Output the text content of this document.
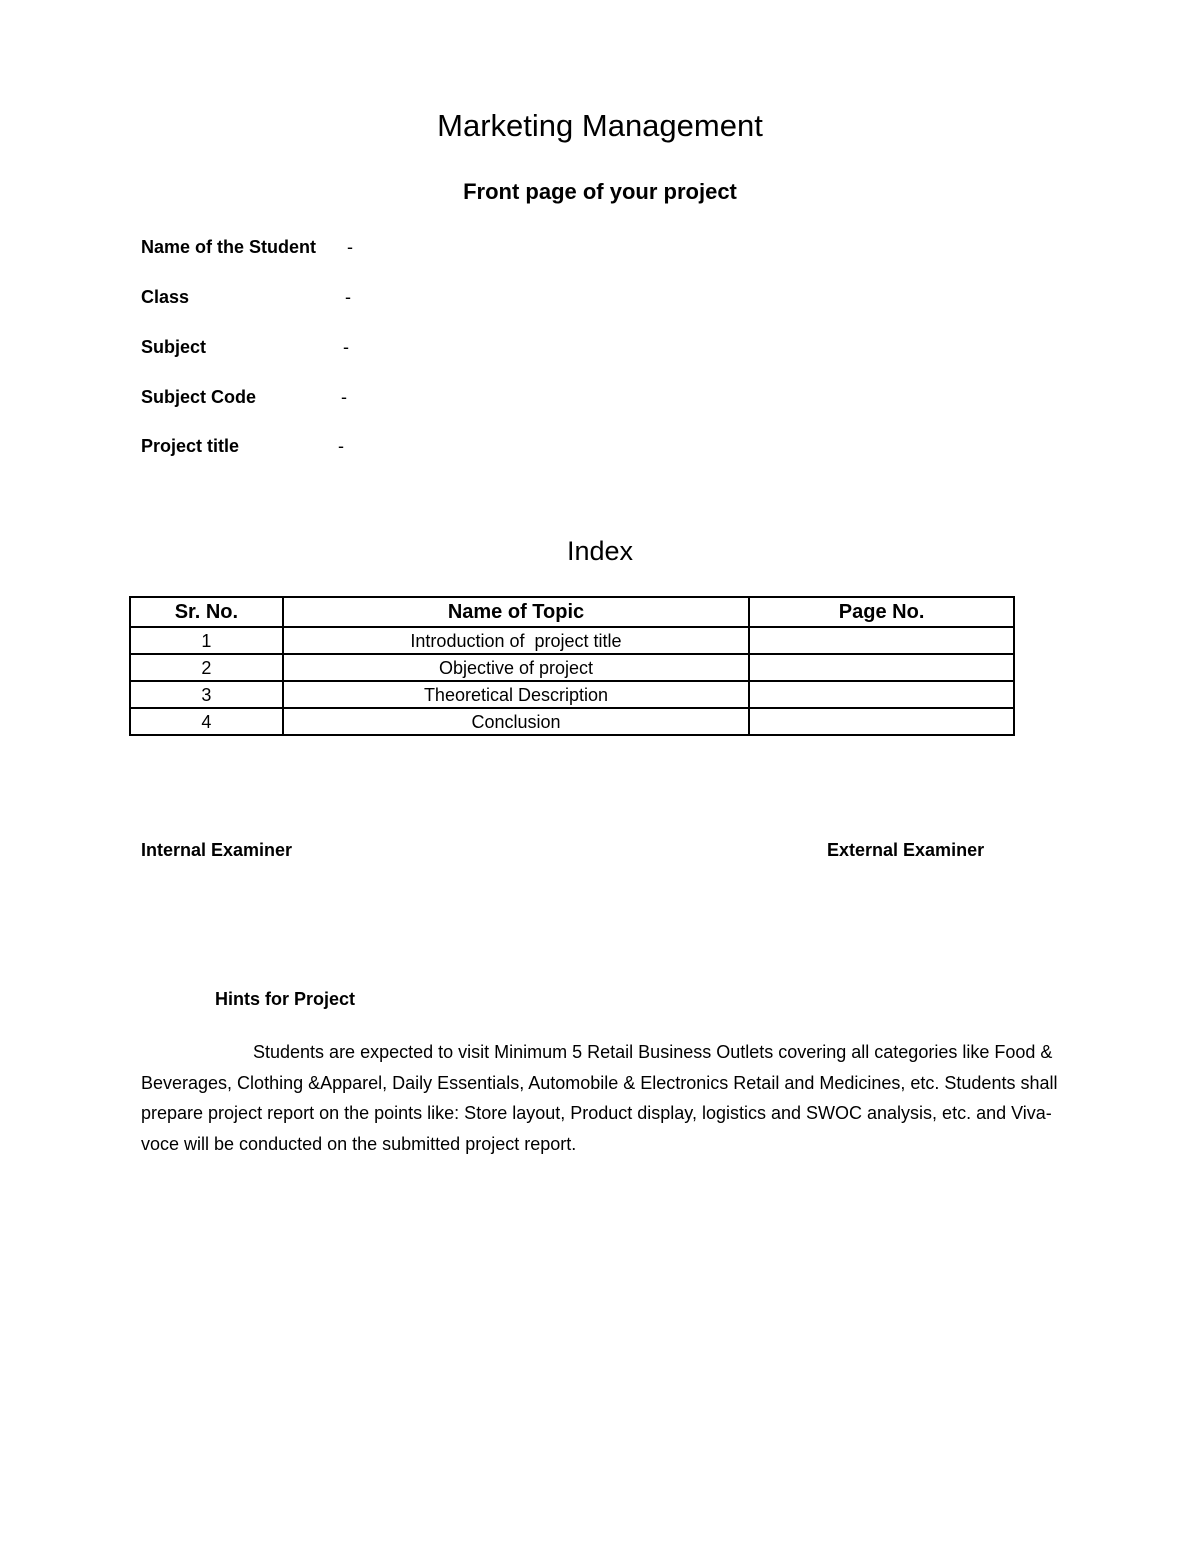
Marketing Management
Front page of your project
Name of the Student -
Class	-
Subject	-
Subject Code	-
Project title	-
Index
Sr. No.	Name of Topic	Page No.
1	Introduction of  project title	
2	Objective of project	
3	Theoretical Description	
4	Conclusion	
Internal Examiner	External Examiner
Hints for Project
Students are expected to visit Minimum 5 Retail Business Outlets covering all categories like Food & Beverages, Clothing &Apparel, Daily Essentials, Automobile & Electronics Retail and Medicines, etc. Students shall prepare project report on the points like: Store layout, Product display, logistics and SWOC analysis, etc. and Viva-voce will be conducted on the submitted project report.
